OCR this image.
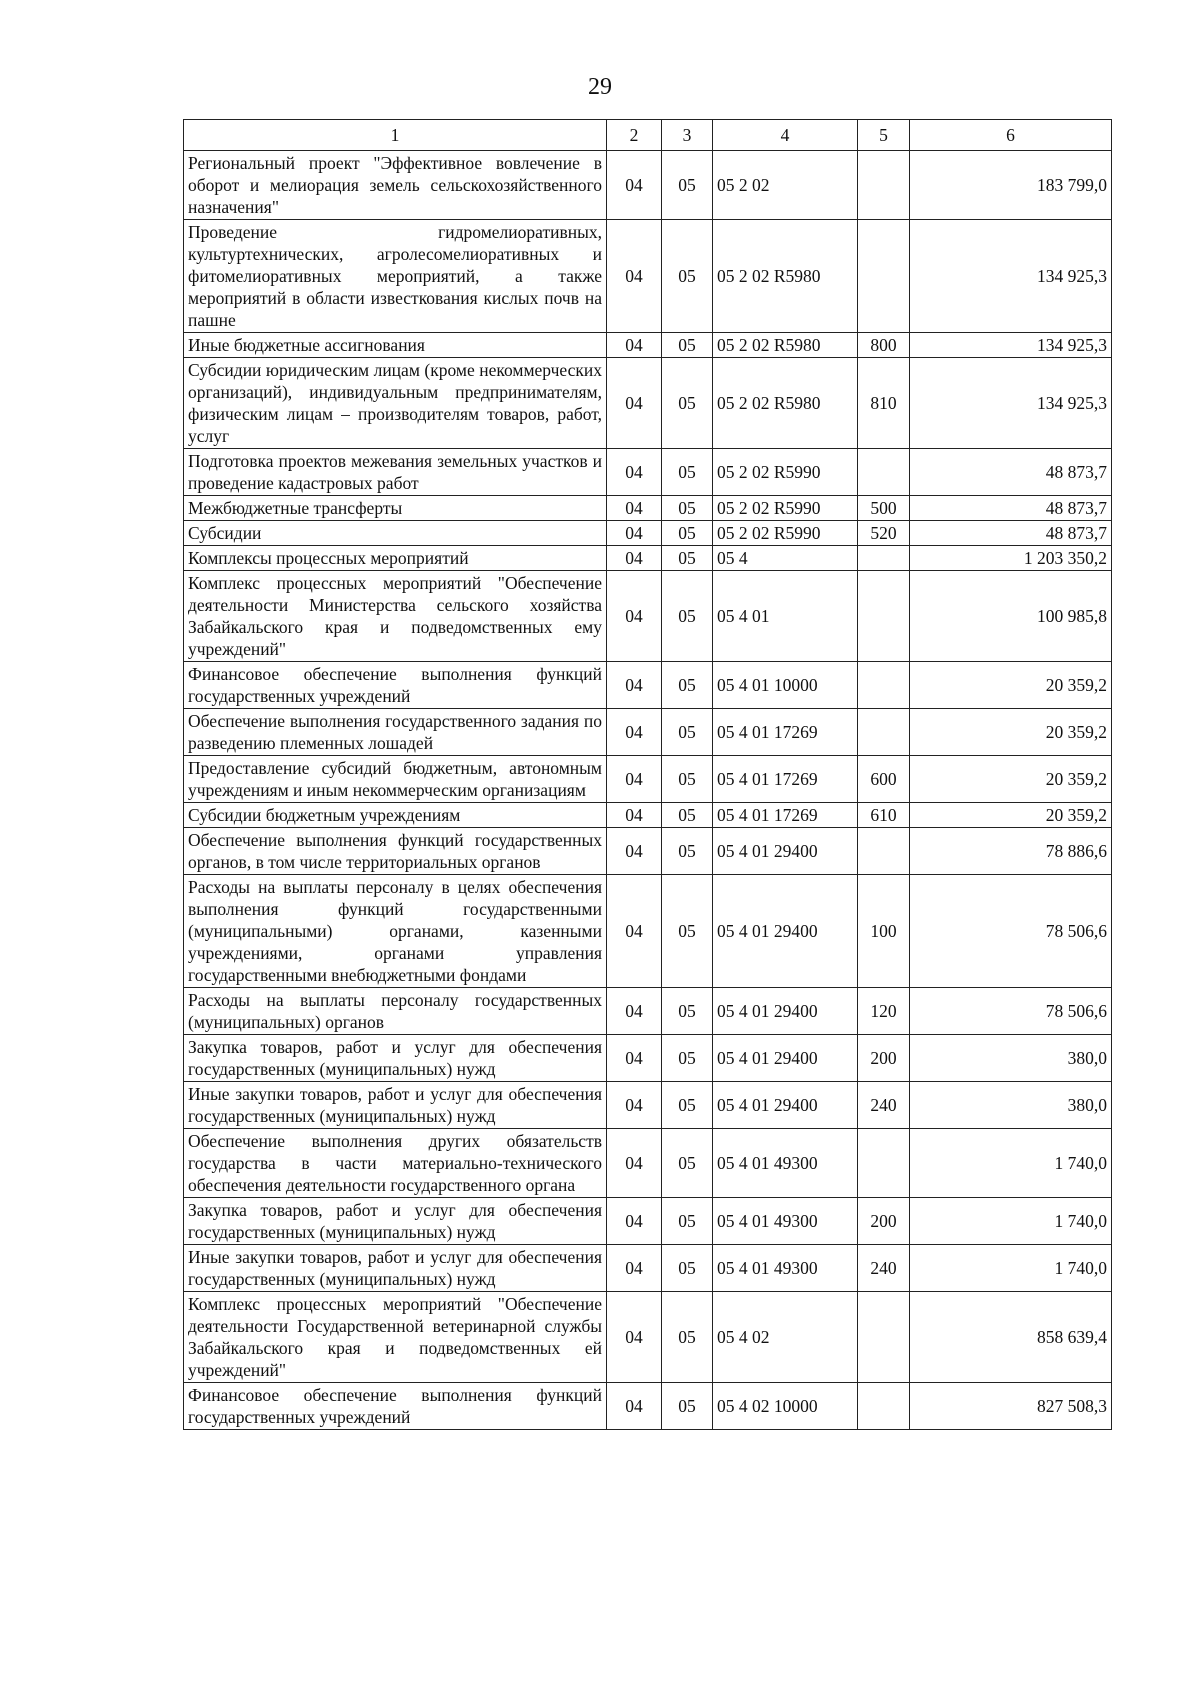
29
1	2	3	4	5	6
Региональный проект "Эффективное вовлечение в оборот и мелиорация земель сельскохозяйственного назначения"	04	05	05 2 02		183 799,0
Проведение гидромелиоративных, культуртехнических, агролесомелиоративных и фитомелиоративных мероприятий, а также мероприятий в области известкования кислых почв на пашне	04	05	05 2 02 R5980		134 925,3
Иные бюджетные ассигнования	04	05	05 2 02 R5980	800	134 925,3
Субсидии юридическим лицам (кроме некоммерческих организаций), индивидуальным предпринимателям, физическим лицам – производителям товаров, работ, услуг	04	05	05 2 02 R5980	810	134 925,3
Подготовка проектов межевания земельных участков и проведение кадастровых работ	04	05	05 2 02 R5990		48 873,7
Межбюджетные трансферты	04	05	05 2 02 R5990	500	48 873,7
Субсидии	04	05	05 2 02 R5990	520	48 873,7
Комплексы процессных мероприятий	04	05	05 4		1 203 350,2
Комплекс процессных мероприятий "Обеспечение деятельности Министерства сельского хозяйства Забайкальского края и подведомственных ему учреждений"	04	05	05 4 01		100 985,8
Финансовое обеспечение выполнения функций государственных учреждений	04	05	05 4 01 10000		20 359,2
Обеспечение выполнения государственного задания по разведению племенных лошадей	04	05	05 4 01 17269		20 359,2
Предоставление субсидий бюджетным, автономным учреждениям и иным некоммерческим организациям	04	05	05 4 01 17269	600	20 359,2
Субсидии бюджетным учреждениям	04	05	05 4 01 17269	610	20 359,2
Обеспечение выполнения функций государственных органов, в том числе территориальных органов	04	05	05 4 01 29400		78 886,6
Расходы на выплаты персоналу в целях обеспечения выполнения функций государственными (муниципальными) органами, казенными учреждениями, органами управления государственными внебюджетными фондами	04	05	05 4 01 29400	100	78 506,6
Расходы на выплаты персоналу государственных (муниципальных) органов	04	05	05 4 01 29400	120	78 506,6
Закупка товаров, работ и услуг для обеспечения государственных (муниципальных) нужд	04	05	05 4 01 29400	200	380,0
Иные закупки товаров, работ и услуг для обеспечения государственных (муниципальных) нужд	04	05	05 4 01 29400	240	380,0
Обеспечение выполнения других обязательств государства в части материально-технического обеспечения деятельности государственного органа	04	05	05 4 01 49300		1 740,0
Закупка товаров, работ и услуг для обеспечения государственных (муниципальных) нужд	04	05	05 4 01 49300	200	1 740,0
Иные закупки товаров, работ и услуг для обеспечения государственных (муниципальных) нужд	04	05	05 4 01 49300	240	1 740,0
Комплекс процессных мероприятий "Обеспечение деятельности Государственной ветеринарной службы Забайкальского края и подведомственных ей учреждений"	04	05	05 4 02		858 639,4
Финансовое обеспечение выполнения функций государственных учреждений	04	05	05 4 02 10000		827 508,3
